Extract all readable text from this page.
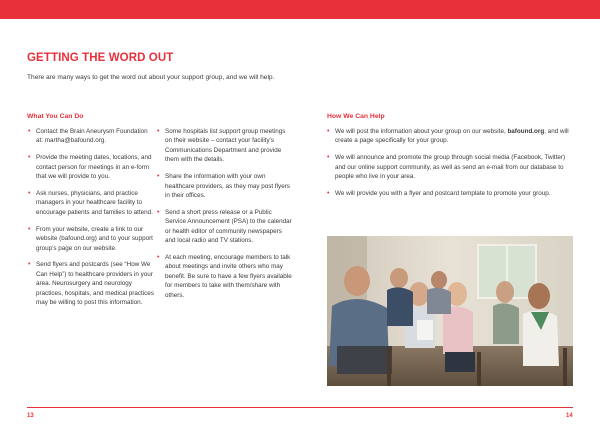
GETTING THE WORD OUT

There are many ways to get the word out about your support group, and we will help.

What You Can Do
• Contact the Brain Aneurysm Foundation at: martha@bafound.org.
• Provide the meeting dates, locations, and contact person for meetings in an e-form that we will provide to you.
• Ask nurses, physicians, and practice managers in your healthcare facility to encourage patients and families to attend.
• From your website, create a link to our website (bafound.org) and to your support group’s page on our website.
• Send flyers and postcards (see “How We Can Help”) to healthcare providers in your area. Neurosurgery and neurology practices, hospitals, and medical practices may be willing to post this information.
• Some hospitals list support group meetings on their website – contact your facility’s Communications Department and provide them with the details.
• Share the information with your own healthcare providers, as they may post flyers in their offices.
• Send a short press release or a Public Service Announcement (PSA) to the calendar or health editor of community newspapers and local radio and TV stations.
• At each meeting, encourage members to talk about meetings and invite others who may benefit. Be sure to have a few flyers available for members to take with them/share with others.
How We Can Help
• We will post the information about your group on our website, bafound.org, and will create a page specifically for your group.
• We will announce and promote the group through social media (Facebook, Twitter) and our online support community, as well as send an e-mail from our database to people who live in your area.
• We will provide you with a flyer and postcard template to promote your group.
13	14
